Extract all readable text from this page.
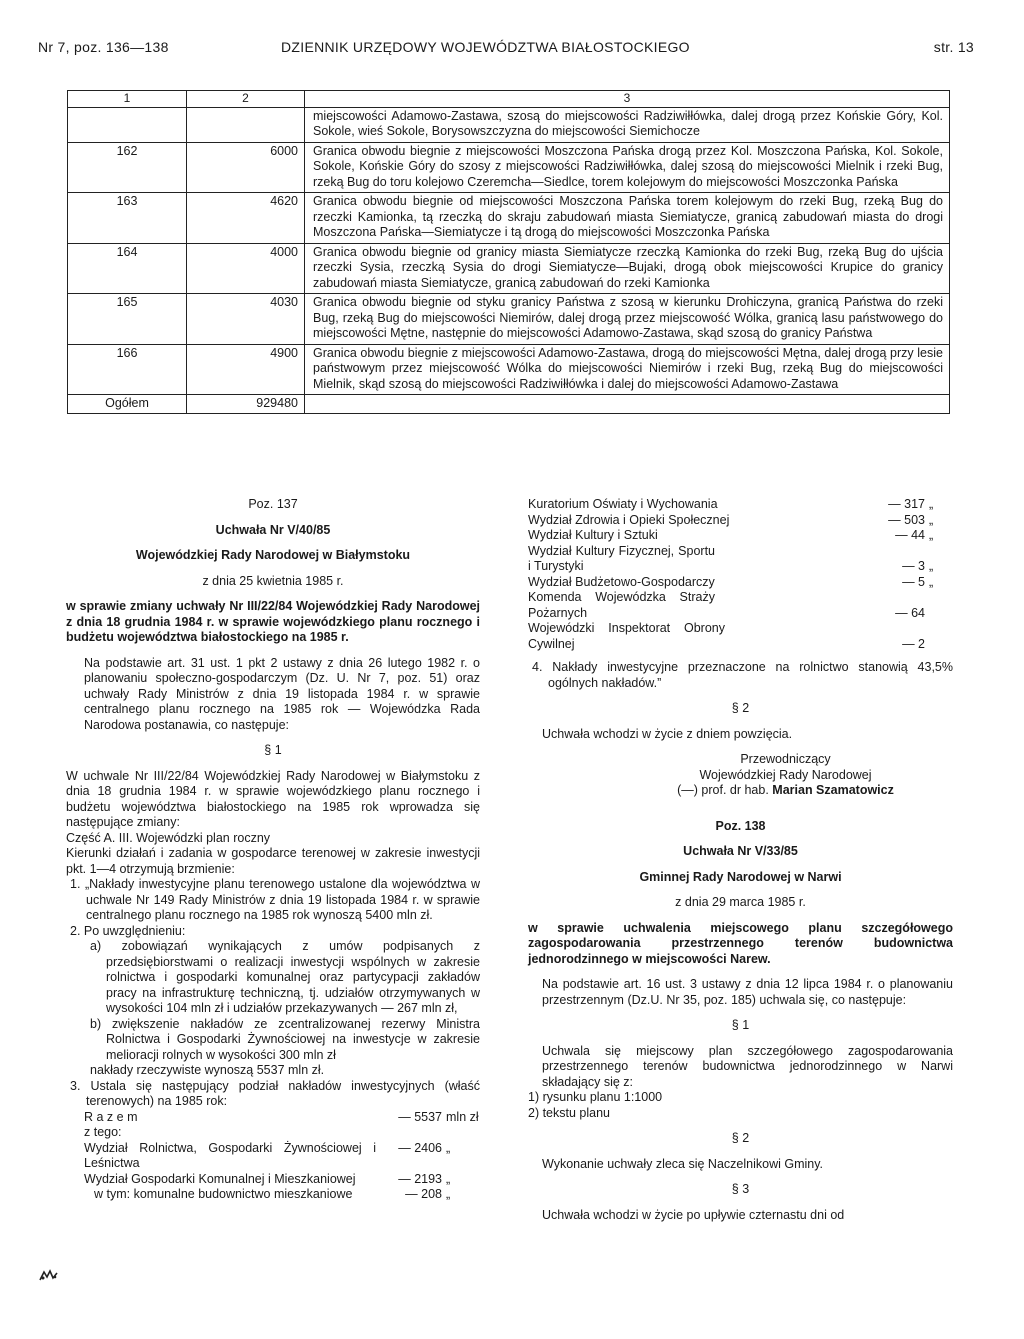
Nr 7, poz. 136—138	DZIENNIK URZĘDOWY WOJEWÓDZTWA BIAŁOSTOCKIEGO	str. 13
1	2	3
		miejscowości Adamowo-Zastawa, szosą do miejscowości Radziwiłłówka, dalej drogą przez Końskie Góry, Kol. Sokole, wieś Sokole, Borysowszczyzna do miejscowości Siemichocze
162	6000	Granica obwodu biegnie z miejscowości Moszczona Pańska drogą przez Kol. Moszczona Pańska, Kol. Sokole, Sokole, Końskie Góry do szosy z miejscowości Radziwiłłówka, dalej szosą do miejscowości Mielnik i rzeki Bug, rzeką Bug do toru kolejowo Czeremcha—Siedlce, torem kolejowym do miejscowości Moszczonka Pańska
163	4620	Granica obwodu biegnie od miejscowości Moszczona Pańska torem kolejowym do rzeki Bug, rzeką Bug do rzeczki Kamionka, tą rzeczką do skraju zabudowań miasta Siemiatycze, granicą zabudowań miasta do drogi Moszczona Pańska—Siemiatycze i tą drogą do miejscowości Moszczonka Pańska
164	4000	Granica obwodu biegnie od granicy miasta Siemiatycze rzeczką Kamionka do rzeki Bug, rzeką Bug do ujścia rzeczki Sysia, rzeczką Sysia do drogi Siemiatycze—Bujaki, drogą obok miejscowości Krupice do granicy zabudowań miasta Siemiatycze, granicą zabudowań do rzeki Kamionka
165	4030	Granica obwodu biegnie od styku granicy Państwa z szosą w kierunku Drohiczyna, granicą Państwa do rzeki Bug, rzeką Bug do miejscowości Niemirów, dalej drogą przez miejscowość Wólka, granicą lasu państwowego do miejscowości Mętne, następnie do miejscowości Adamowo-Zastawa, skąd szosą do granicy Państwa
166	4900	Granica obwodu biegnie z miejscowości Adamowo-Zastawa, drogą do miejscowości Mętna, dalej drogą przy lesie państwowym przez miejscowość Wólka do miejscowości Niemirów i rzeki Bug, rzeką Bug do miejscowości Mielnik, skąd szosą do miejscowości Radziwiłłówka i dalej do miejscowości Adamowo-Zastawa
Ogółem	929480	
Poz. 137
Uchwała Nr V/40/85
Wojewódzkiej Rady Narodowej w Białymstoku
z dnia 25 kwietnia 1985 r.
w sprawie zmiany uchwały Nr III/22/84 Wojewódzkiej Rady Narodowej z dnia 18 grudnia 1984 r. w sprawie wojewódzkiego planu rocznego i budżetu województwa białostockiego na 1985 r.
Na podstawie art. 31 ust. 1 pkt 2 ustawy z dnia 26 lutego 1982 r. o planowaniu społeczno-gospodarczym (Dz. U. Nr 7, poz. 51) oraz uchwały Rady Ministrów z dnia 19 listopada 1984 r. w sprawie centralnego planu rocznego na 1985 rok — Wojewódzka Rada Narodowa postanawia, co następuje:
§ 1
W uchwale Nr III/22/84 Wojewódzkiej Rady Narodowej w Białymstoku z dnia 18 grudnia 1984 r. w sprawie wojewódzkiego planu rocznego i budżetu województwa białostockiego na 1985 rok wprowadza się następujące zmiany:
Część A. III. Wojewódzki plan roczny
Kierunki działań i zadania w gospodarce terenowej w zakresie inwestycji pkt. 1—4 otrzymują brzmienie:
1. „Nakłady inwestycyjne planu terenowego ustalone dla województwa w uchwale Nr 149 Rady Ministrów z dnia 19 listopada 1984 r. w sprawie centralnego planu rocznego na 1985 rok wynoszą 5400 mln zł.
2. Po uwzględnieniu:
a) zobowiązań wynikających z umów podpisanych z przedsiębiorstwami o realizacji inwestycji wspólnych w zakresie rolnictwa i gospodarki komunalnej oraz partycypacji zakładów pracy na infrastrukturę techniczną, tj. udziałów otrzymywanych w wysokości 104 mln zł i udziałów przekazywanych — 267 mln zł,
b) zwiększenie nakładów ze zcentralizowanej rezerwy Ministra Rolnictwa i Gospodarki Żywnościowej na inwestycje w zakresie melioracji rolnych w wysokości 300 mln zł
nakłady rzeczywiste wynoszą 5537 mln zł.
3. Ustala się następujący podział nakładów inwestycyjnych (właść terenowych) na 1985 rok:
R a z e m	— 5537 mln zł
z tego:
Wydział Rolnictwa, Gospodarki Żywnościowej i Leśnictwa
— 2406 „
Wydział Gospodarki Komunalnej i Mieszkaniowej	— 2193 „
w tym: komunalne budownictwo mieszkaniowe	— 208 „
Kuratorium Oświaty i Wychowania	— 317 „
Wydział Zdrowia i Opieki Społecznej	— 503 „
Wydział Kultury i Sztuki	— 44 „
Wydział Kultury Fizycznej, Sportu i Turystyki	— 3 „
Wydział Budżetowo-Gospodarczy	— 5 „
Komenda Wojewódzka Straży Pożarnych	— 64
Wojewódzki Inspektorat Obrony Cywilnej	— 2
4. Nakłady inwestycyjne przeznaczone na rolnictwo stanowią 43,5% ogólnych nakładów.”
§ 2
Uchwała wchodzi w życie z dniem powzięcia.
Przewodniczący
Wojewódzkiej Rady Narodowej
(—) prof. dr hab. Marian Szamatowicz
Poz. 138
Uchwała Nr V/33/85
Gminnej Rady Narodowej w Narwi
z dnia 29 marca 1985 r.
w sprawie uchwalenia miejscowego planu szczegółowego zagospodarowania przestrzennego terenów budownictwa jednorodzinnego w miejscowości Narew.
Na podstawie art. 16 ust. 3 ustawy z dnia 12 lipca 1984 r. o planowaniu przestrzennym (Dz.U. Nr 35, poz. 185) uchwala się, co następuje:
§ 1
Uchwala się miejscowy plan szczegółowego zagospodarowania przestrzennego terenów budownictwa jednorodzinnego w Narwi składający się z:
1) rysunku planu 1:1000
2) tekstu planu
§ 2
Wykonanie uchwały zleca się Naczelnikowi Gminy.
§ 3
Uchwała wchodzi w życie po upływie czternastu dni od
